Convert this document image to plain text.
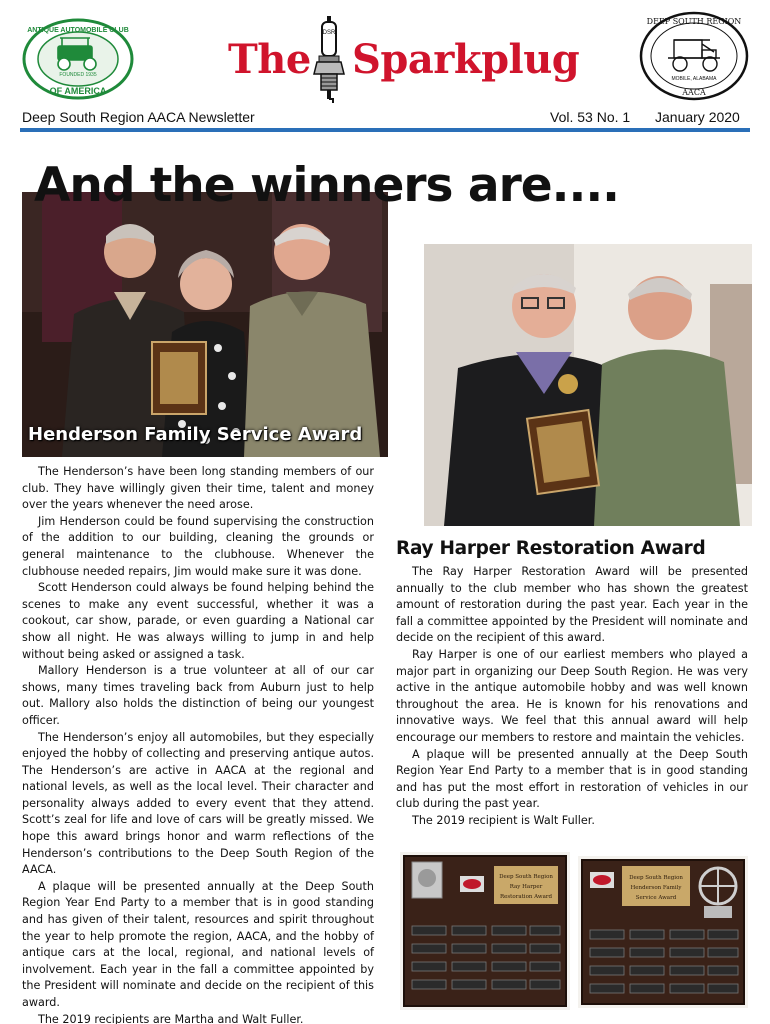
ANTIQUE AUTOMOBILE CLUB
OF AMERICA
FOUNDED 1935	The
DSR
Sparkplug
DEEP SOUTH REGION
MOBILE, ALABAMA
AACA
Deep South Region AACA Newsletter	Vol. 53 No. 1 January 2020
Henderson Family Service Award
And the winners are....

The Henderson’s have been long standing members of our club. They have willingly given their time, talent and money over the years whenever the need arose.

Jim Henderson could be found supervising the construction of the addition to our building, cleaning the grounds or general maintenance to the clubhouse. Whenever the clubhouse needed repairs, Jim would make sure it was done.

Scott Henderson could always be found helping behind the scenes to make any event successful, whether it was a cookout, car show, parade, or even guarding a National car show all night. He was always willing to jump in and help without being asked or assigned a task.

Mallory Henderson is a true volunteer at all of our car shows, many times traveling back from Auburn just to help out. Mallory also holds the distinction of being our youngest officer.

The Henderson’s enjoy all automobiles, but they especially enjoyed the hobby of collecting and preserving antique autos. The Henderson’s are active in AACA at the regional and national levels, as well as the local level. Their character and personality always added to every event that they attend. Scott’s zeal for life and love of cars will be greatly missed. We hope this award brings honor and warm reflections of the Henderson’s contributions to the Deep South Region of the AACA.

A plaque will be presented annually at the Deep South Region Year End Party to a member that is in good standing and has given of their talent, resources and spirit throughout the year to help promote the region, AACA, and the hobby of antique cars at the local, regional, and national levels of involvement. Each year in the fall a committee appointed by the President will nominate and decide on the recipient of this award.

The 2019 recipients are Martha and Walt Fuller.

Ray Harper Restoration Award

The Ray Harper Restoration Award will be presented annually to the club member who has shown the greatest amount of restoration during the past year. Each year in the fall a committee appointed by the President will nominate and decide on the recipient of this award.

Ray Harper is one of our earliest members who played a major part in organizing our Deep South Region. He was very active in the antique automobile hobby and was well known throughout the area. He is known for his renovations and innovative ways. We feel that this annual award will help encourage our members to restore and maintain the vehicles.

A plaque will be presented annually at the Deep South Region Year End Party to a member that is in good standing and has put the most effort in restoration of vehicles in our club during the past year.

The 2019 recipient is Walt Fuller.

Deep South Region
Ray Harper
Restoration Award
Deep South Region
Henderson Family
Service Award
